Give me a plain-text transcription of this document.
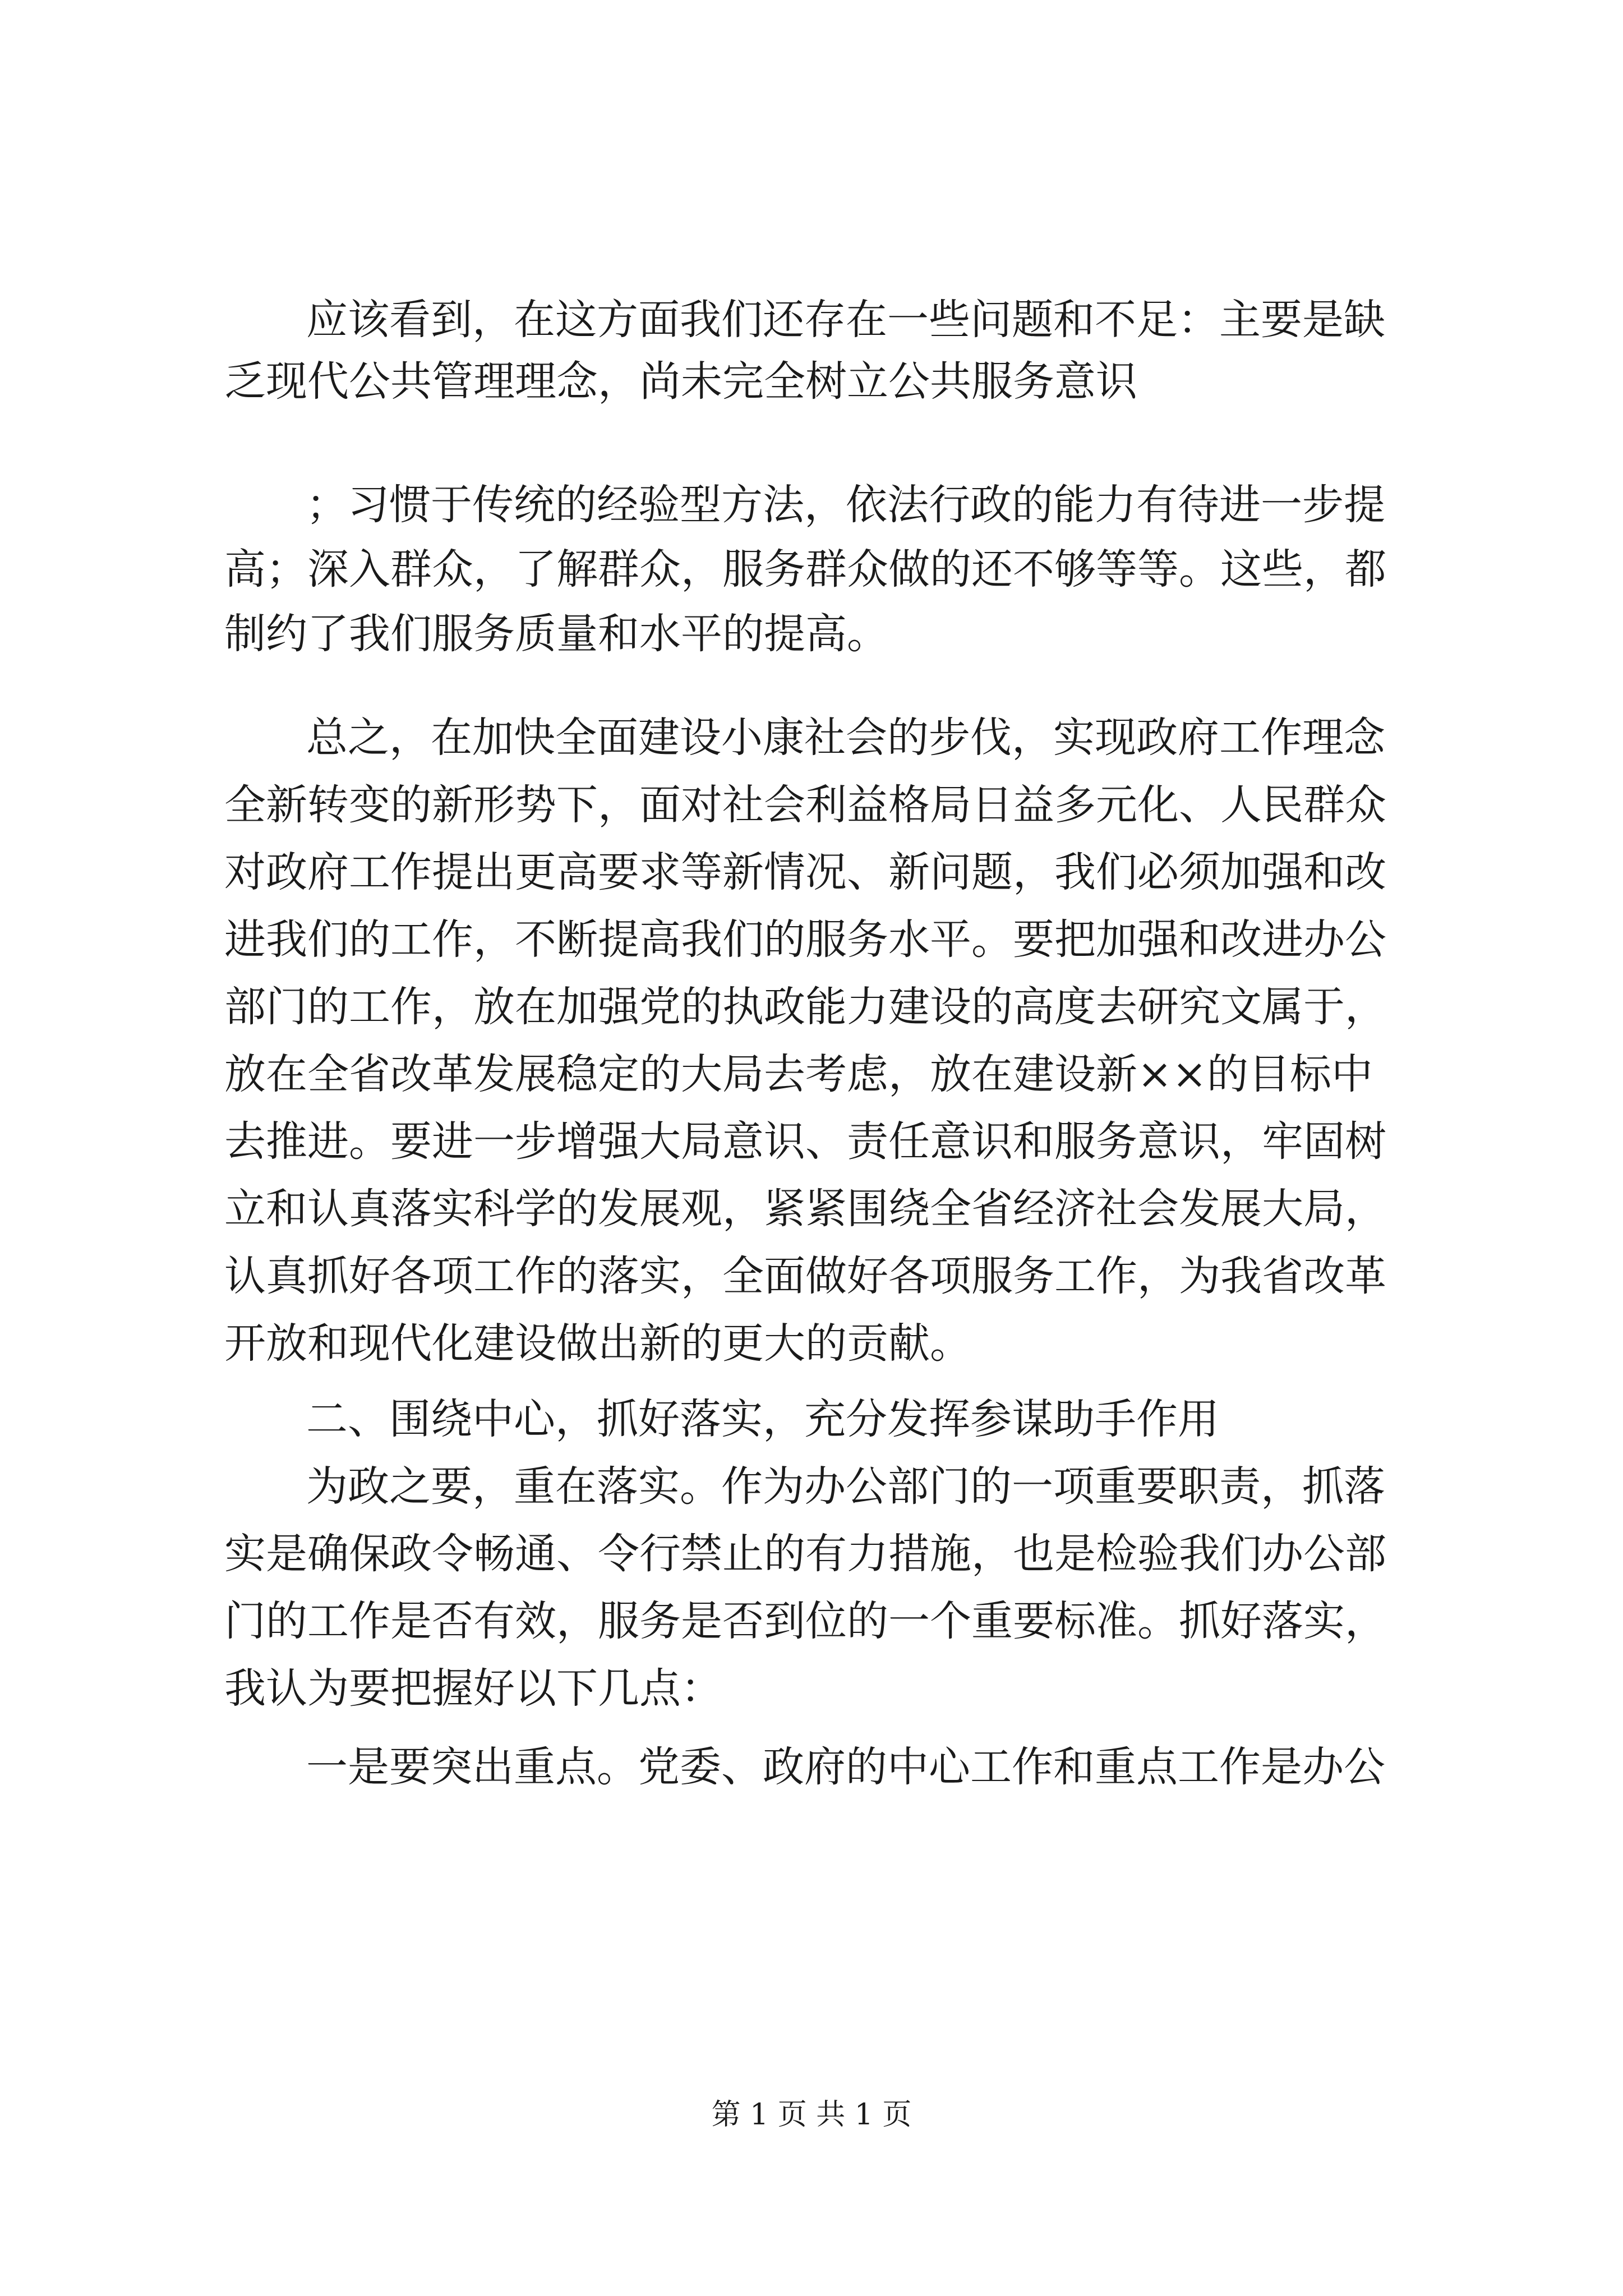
应该看到，在这方面我们还存在一些问题和不足：主要是缺
乏现代公共管理理念，尚未完全树立公共服务意识
；习惯于传统的经验型方法，依法行政的能力有待进一步提
高；深入群众，了解群众，服务群众做的还不够等等。这些，都
制约了我们服务质量和水平的提高。
总之，在加快全面建设小康社会的步伐，实现政府工作理念
全新转变的新形势下，面对社会利益格局日益多元化、人民群众
对政府工作提出更高要求等新情况、新问题，我们必须加强和改
进我们的工作，不断提高我们的服务水平。要把加强和改进办公
部门的工作，放在加强党的执政能力建设的高度去研究文属于，
放在全省改革发展稳定的大局去考虑，放在建设新××的目标中
去推进。要进一步增强大局意识、责任意识和服务意识，牢固树
立和认真落实科学的发展观，紧紧围绕全省经济社会发展大局，
认真抓好各项工作的落实，全面做好各项服务工作，为我省改革
开放和现代化建设做出新的更大的贡献。
二、围绕中心，抓好落实，充分发挥参谋助手作用
为政之要，重在落实。作为办公部门的一项重要职责，抓落
实是确保政令畅通、令行禁止的有力措施，也是检验我们办公部
门的工作是否有效，服务是否到位的一个重要标准。抓好落实，
我认为要把握好以下几点：
一是要突出重点。党委、政府的中心工作和重点工作是办公
第 1 页 共 1 页
